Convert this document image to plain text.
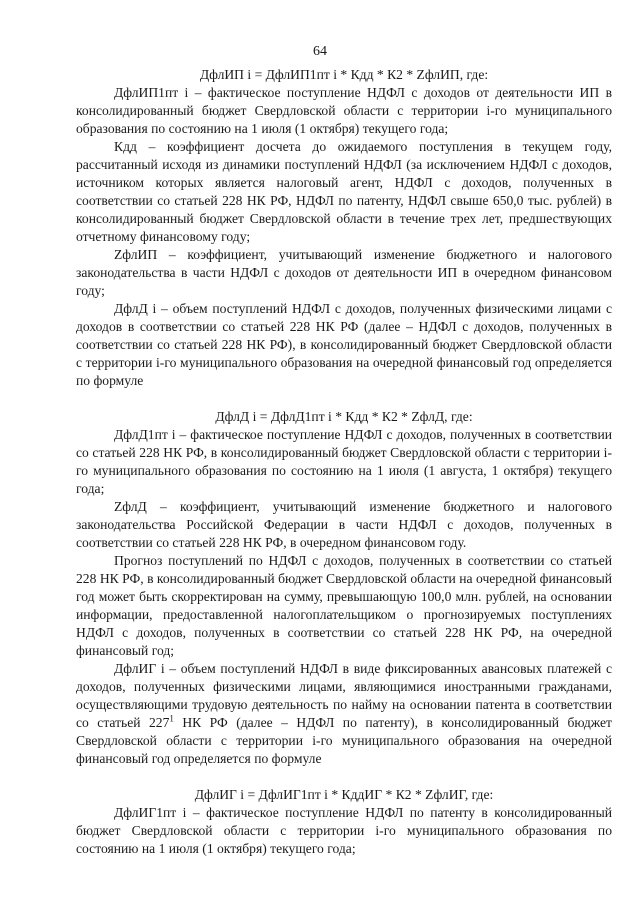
64

ДфлИП i = ДфлИП1пт i * Кдд * К2 * ZфлИП, где:

ДфлИП1пт i – фактическое поступление НДФЛ с доходов от деятельности ИП в консолидированный бюджет Свердловской области с территории i-го муниципального образования по состоянию на 1 июля (1 октября) текущего года;

Кдд – коэффициент досчета до ожидаемого поступления в текущем году, рассчитанный исходя из динамики поступлений НДФЛ (за исключением НДФЛ с доходов, источником которых является налоговый агент, НДФЛ с доходов, полученных в соответствии со статьей 228 НК РФ, НДФЛ по патенту, НДФЛ свыше 650,0 тыс. рублей) в консолидированный бюджет Свердловской области в течение трех лет, предшествующих отчетному финансовому году;

ZфлИП – коэффициент, учитывающий изменение бюджетного и налогового законодательства в части НДФЛ с доходов от деятельности ИП в очередном финансовом году;

ДфлД i – объем поступлений НДФЛ с доходов, полученных физическими лицами с доходов в соответствии со статьей 228 НК РФ (далее – НДФЛ с доходов, полученных в соответствии со статьей 228 НК РФ), в консолидированный бюджет Свердловской области с территории i-го муниципального образования на очередной финансовый год определяется по формуле

ДфлД i = ДфлД1пт i * Кдд * К2 * ZфлД, где:

ДфлД1пт i – фактическое поступление НДФЛ с доходов, полученных в соответствии со статьей 228 НК РФ, в консолидированный бюджет Свердловской области с территории i-го муниципального образования по состоянию на 1 июля (1 августа, 1 октября) текущего года;

ZфлД – коэффициент, учитывающий изменение бюджетного и налогового законодательства Российской Федерации в части НДФЛ с доходов, полученных в соответствии со статьей 228 НК РФ, в очередном финансовом году.

Прогноз поступлений по НДФЛ с доходов, полученных в соответствии со статьей 228 НК РФ, в консолидированный бюджет Свердловской области на очередной финансовый год может быть скорректирован на сумму, превышающую 100,0 млн. рублей, на основании информации, предоставленной налогоплательщиком о прогнозируемых поступлениях НДФЛ с доходов, полученных в соответствии со статьей 228 НК РФ, на очередной финансовый год;

ДфлИГ i – объем поступлений НДФЛ в виде фиксированных авансовых платежей с доходов, полученных физическими лицами, являющимися иностранными гражданами, осуществляющими трудовую деятельность по найму на основании патента в соответствии со статьей $227^1$ НК РФ (далее – НДФЛ по патенту), в консолидированный бюджет Свердловской области с территории i-го муниципального образования на очередной финансовый год определяется по формуле

ДфлИГ i = ДфлИГ1пт i * КддИГ * К2 * ZфлИГ, где:

ДфлИГ1пт i – фактическое поступление НДФЛ по патенту в консолидированный бюджет Свердловской области с территории i-го муниципального образования по состоянию на 1 июля (1 октября) текущего года;
